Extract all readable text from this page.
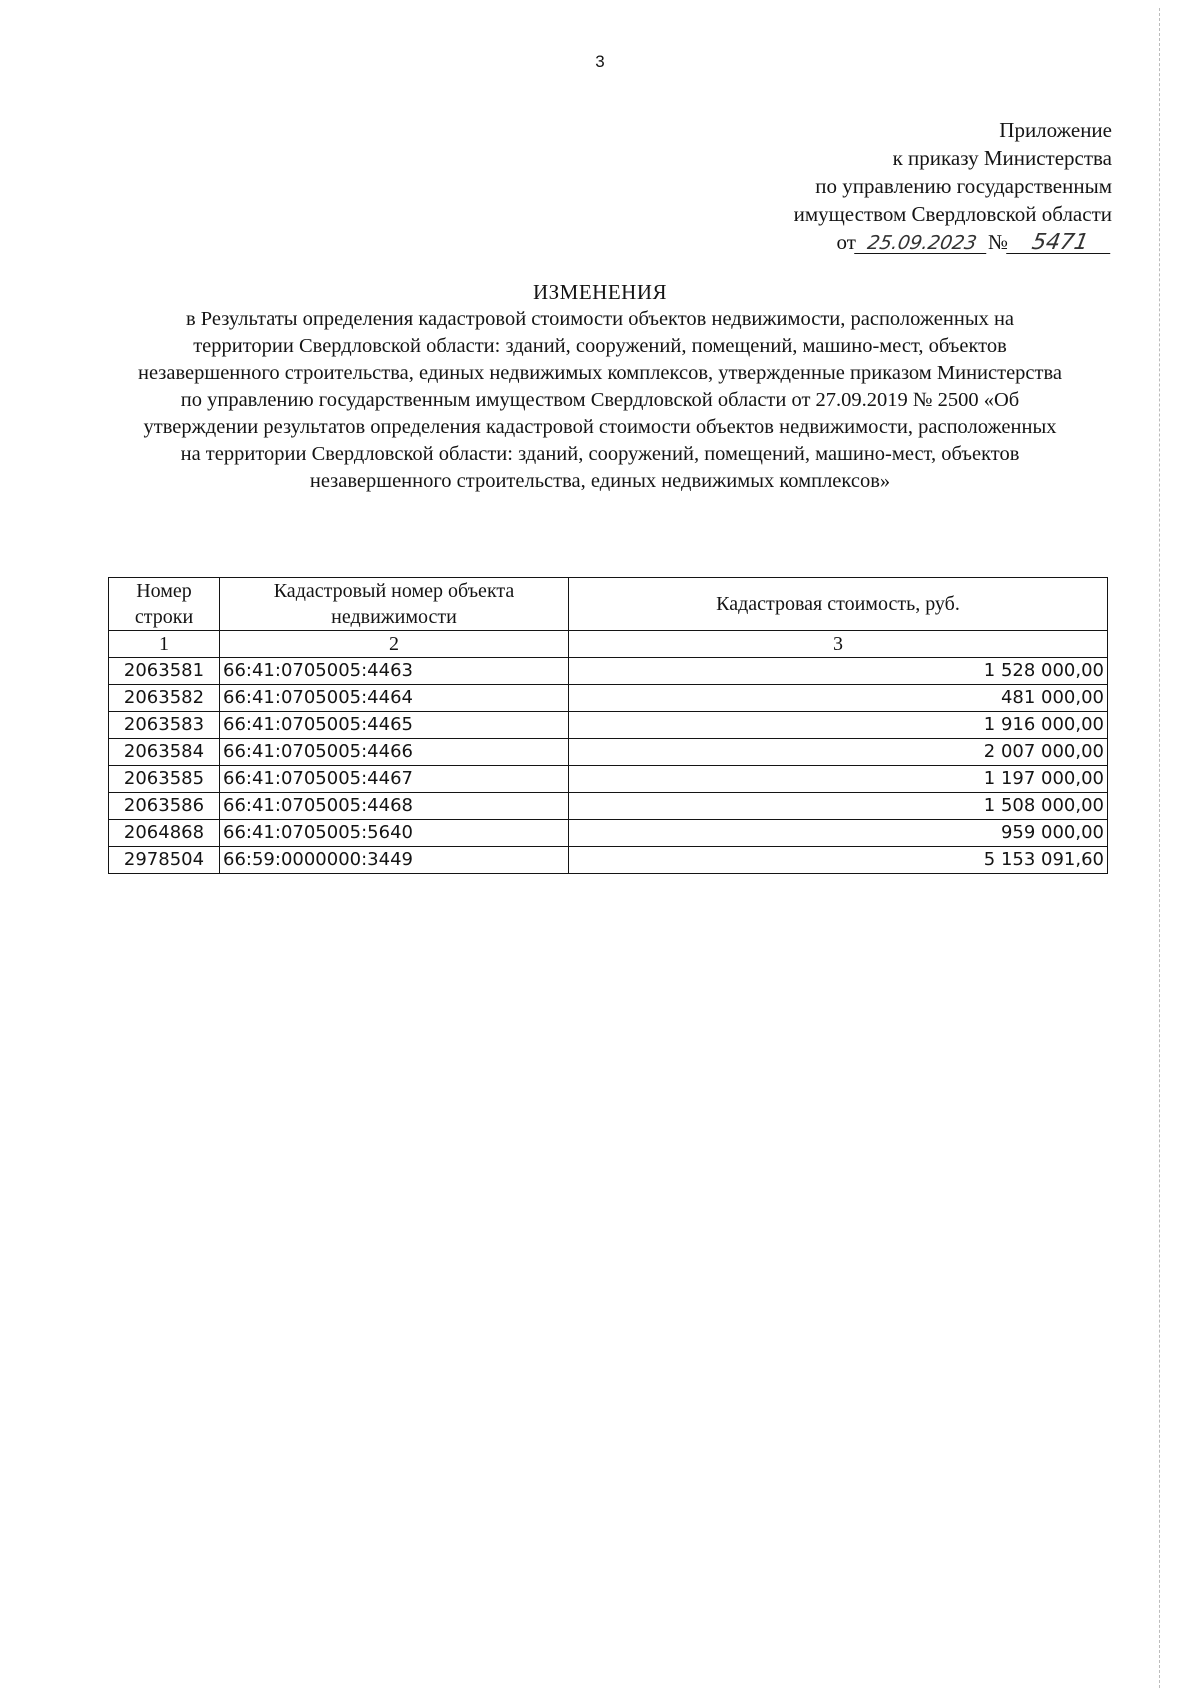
3
Приложение
к приказу Министерства
по управлению государственным
имуществом Свердловской области
от 25.09.2023 № 5471
ИЗМЕНЕНИЯ
в Результаты определения кадастровой стоимости объектов недвижимости, расположенных на территории Свердловской области: зданий, сооружений, помещений, машино-мест, объектов незавершенного строительства, единых недвижимых комплексов, утвержденные приказом Министерства по управлению государственным имуществом Свердловской области от 27.09.2019 № 2500 «Об утверждении результатов определения кадастровой стоимости объектов недвижимости, расположенных на территории Свердловской области: зданий, сооружений, помещений, машино-мест, объектов незавершенного строительства, единых недвижимых комплексов»
Номер строки	Кадастровый номер объекта недвижимости	Кадастровая стоимость, руб.
1	2	3
2063581	66:41:0705005:4463	1 528 000,00
2063582	66:41:0705005:4464	481 000,00
2063583	66:41:0705005:4465	1 916 000,00
2063584	66:41:0705005:4466	2 007 000,00
2063585	66:41:0705005:4467	1 197 000,00
2063586	66:41:0705005:4468	1 508 000,00
2064868	66:41:0705005:5640	959 000,00
2978504	66:59:0000000:3449	5 153 091,60
